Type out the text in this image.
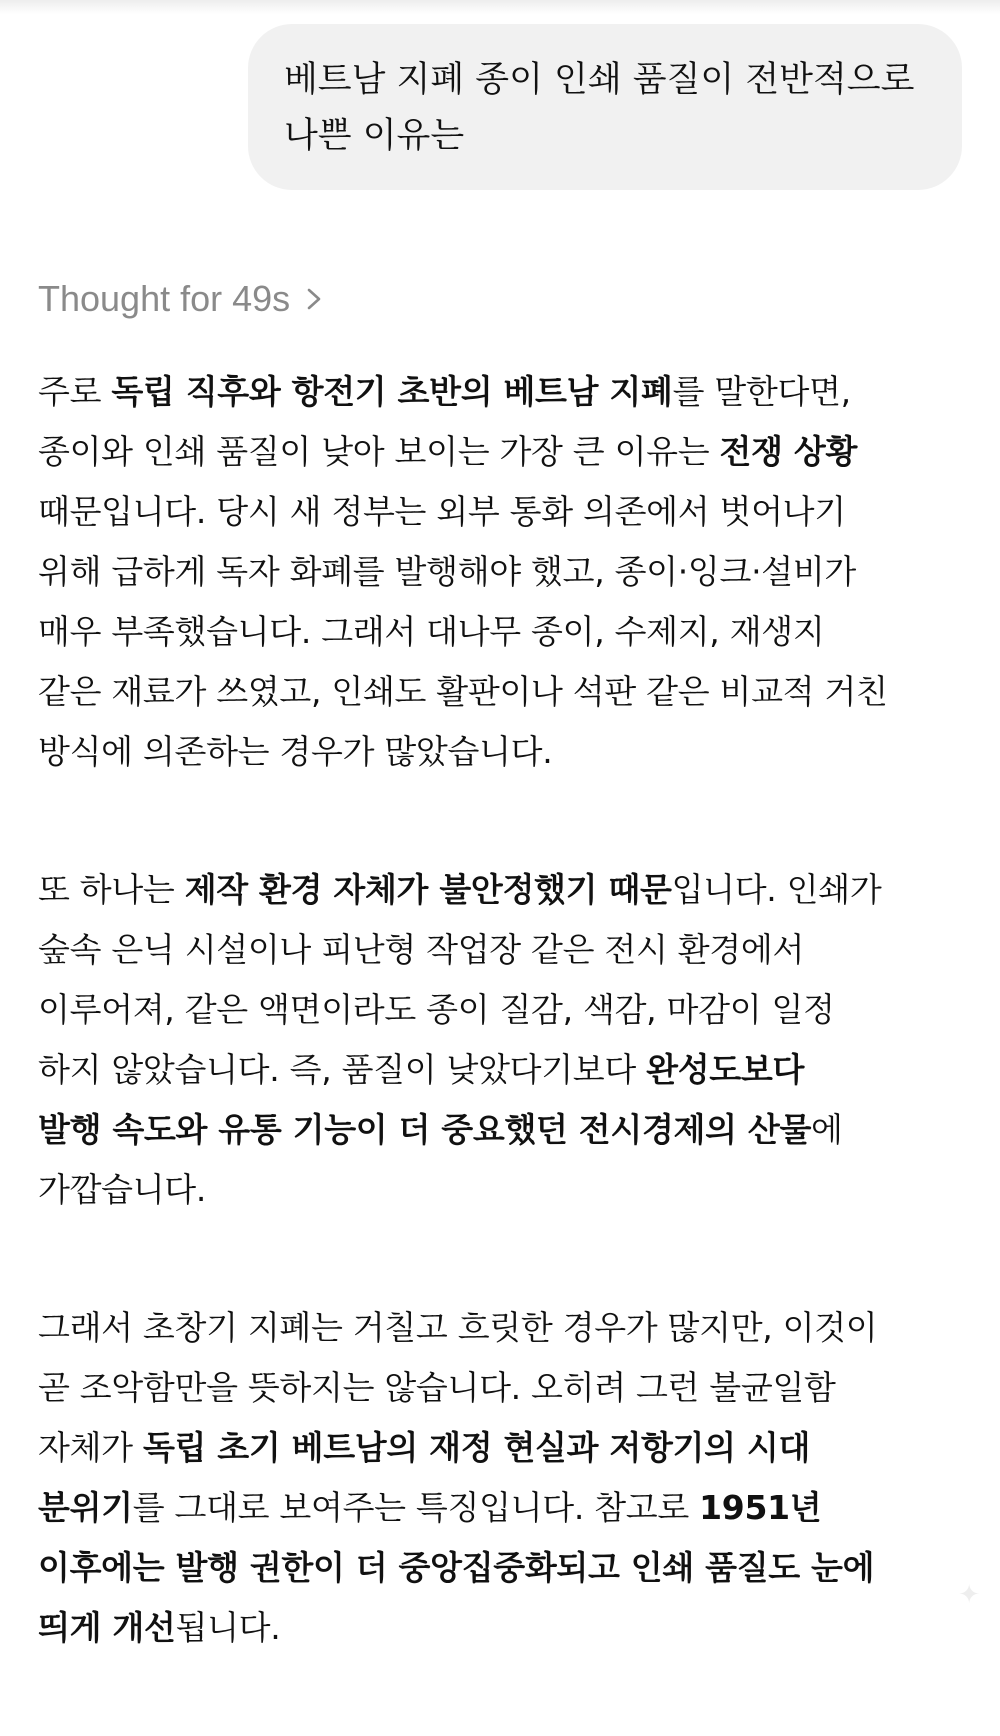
베트남 지폐 종이 인쇄 품질이 전반적으로
나쁜 이유는
Thought for 49s
주로 독립 직후와 항전기 초반의 베트남 지폐를 말한다면,
종이와 인쇄 품질이 낮아 보이는 가장 큰 이유는 전쟁 상황
때문입니다. 당시 새 정부는 외부 통화 의존에서 벗어나기
위해 급하게 독자 화폐를 발행해야 했고, 종이·잉크·설비가
매우 부족했습니다. 그래서 대나무 종이, 수제지, 재생지
같은 재료가 쓰였고, 인쇄도 활판이나 석판 같은 비교적 거친
방식에 의존하는 경우가 많았습니다.
또 하나는 제작 환경 자체가 불안정했기 때문입니다. 인쇄가
숲속 은닉 시설이나 피난형 작업장 같은 전시 환경에서
이루어져, 같은 액면이라도 종이 질감, 색감, 마감이 일정
하지 않았습니다. 즉, 품질이 낮았다기보다 완성도보다
발행 속도와 유통 기능이 더 중요했던 전시경제의 산물에
가깝습니다.
그래서 초창기 지폐는 거칠고 흐릿한 경우가 많지만, 이것이
곧 조악함만을 뜻하지는 않습니다. 오히려 그런 불균일함
자체가 독립 초기 베트남의 재정 현실과 저항기의 시대
분위기를 그대로 보여주는 특징입니다. 참고로 1951년
이후에는 발행 권한이 더 중앙집중화되고 인쇄 품질도 눈에
띄게 개선됩니다.
✦
